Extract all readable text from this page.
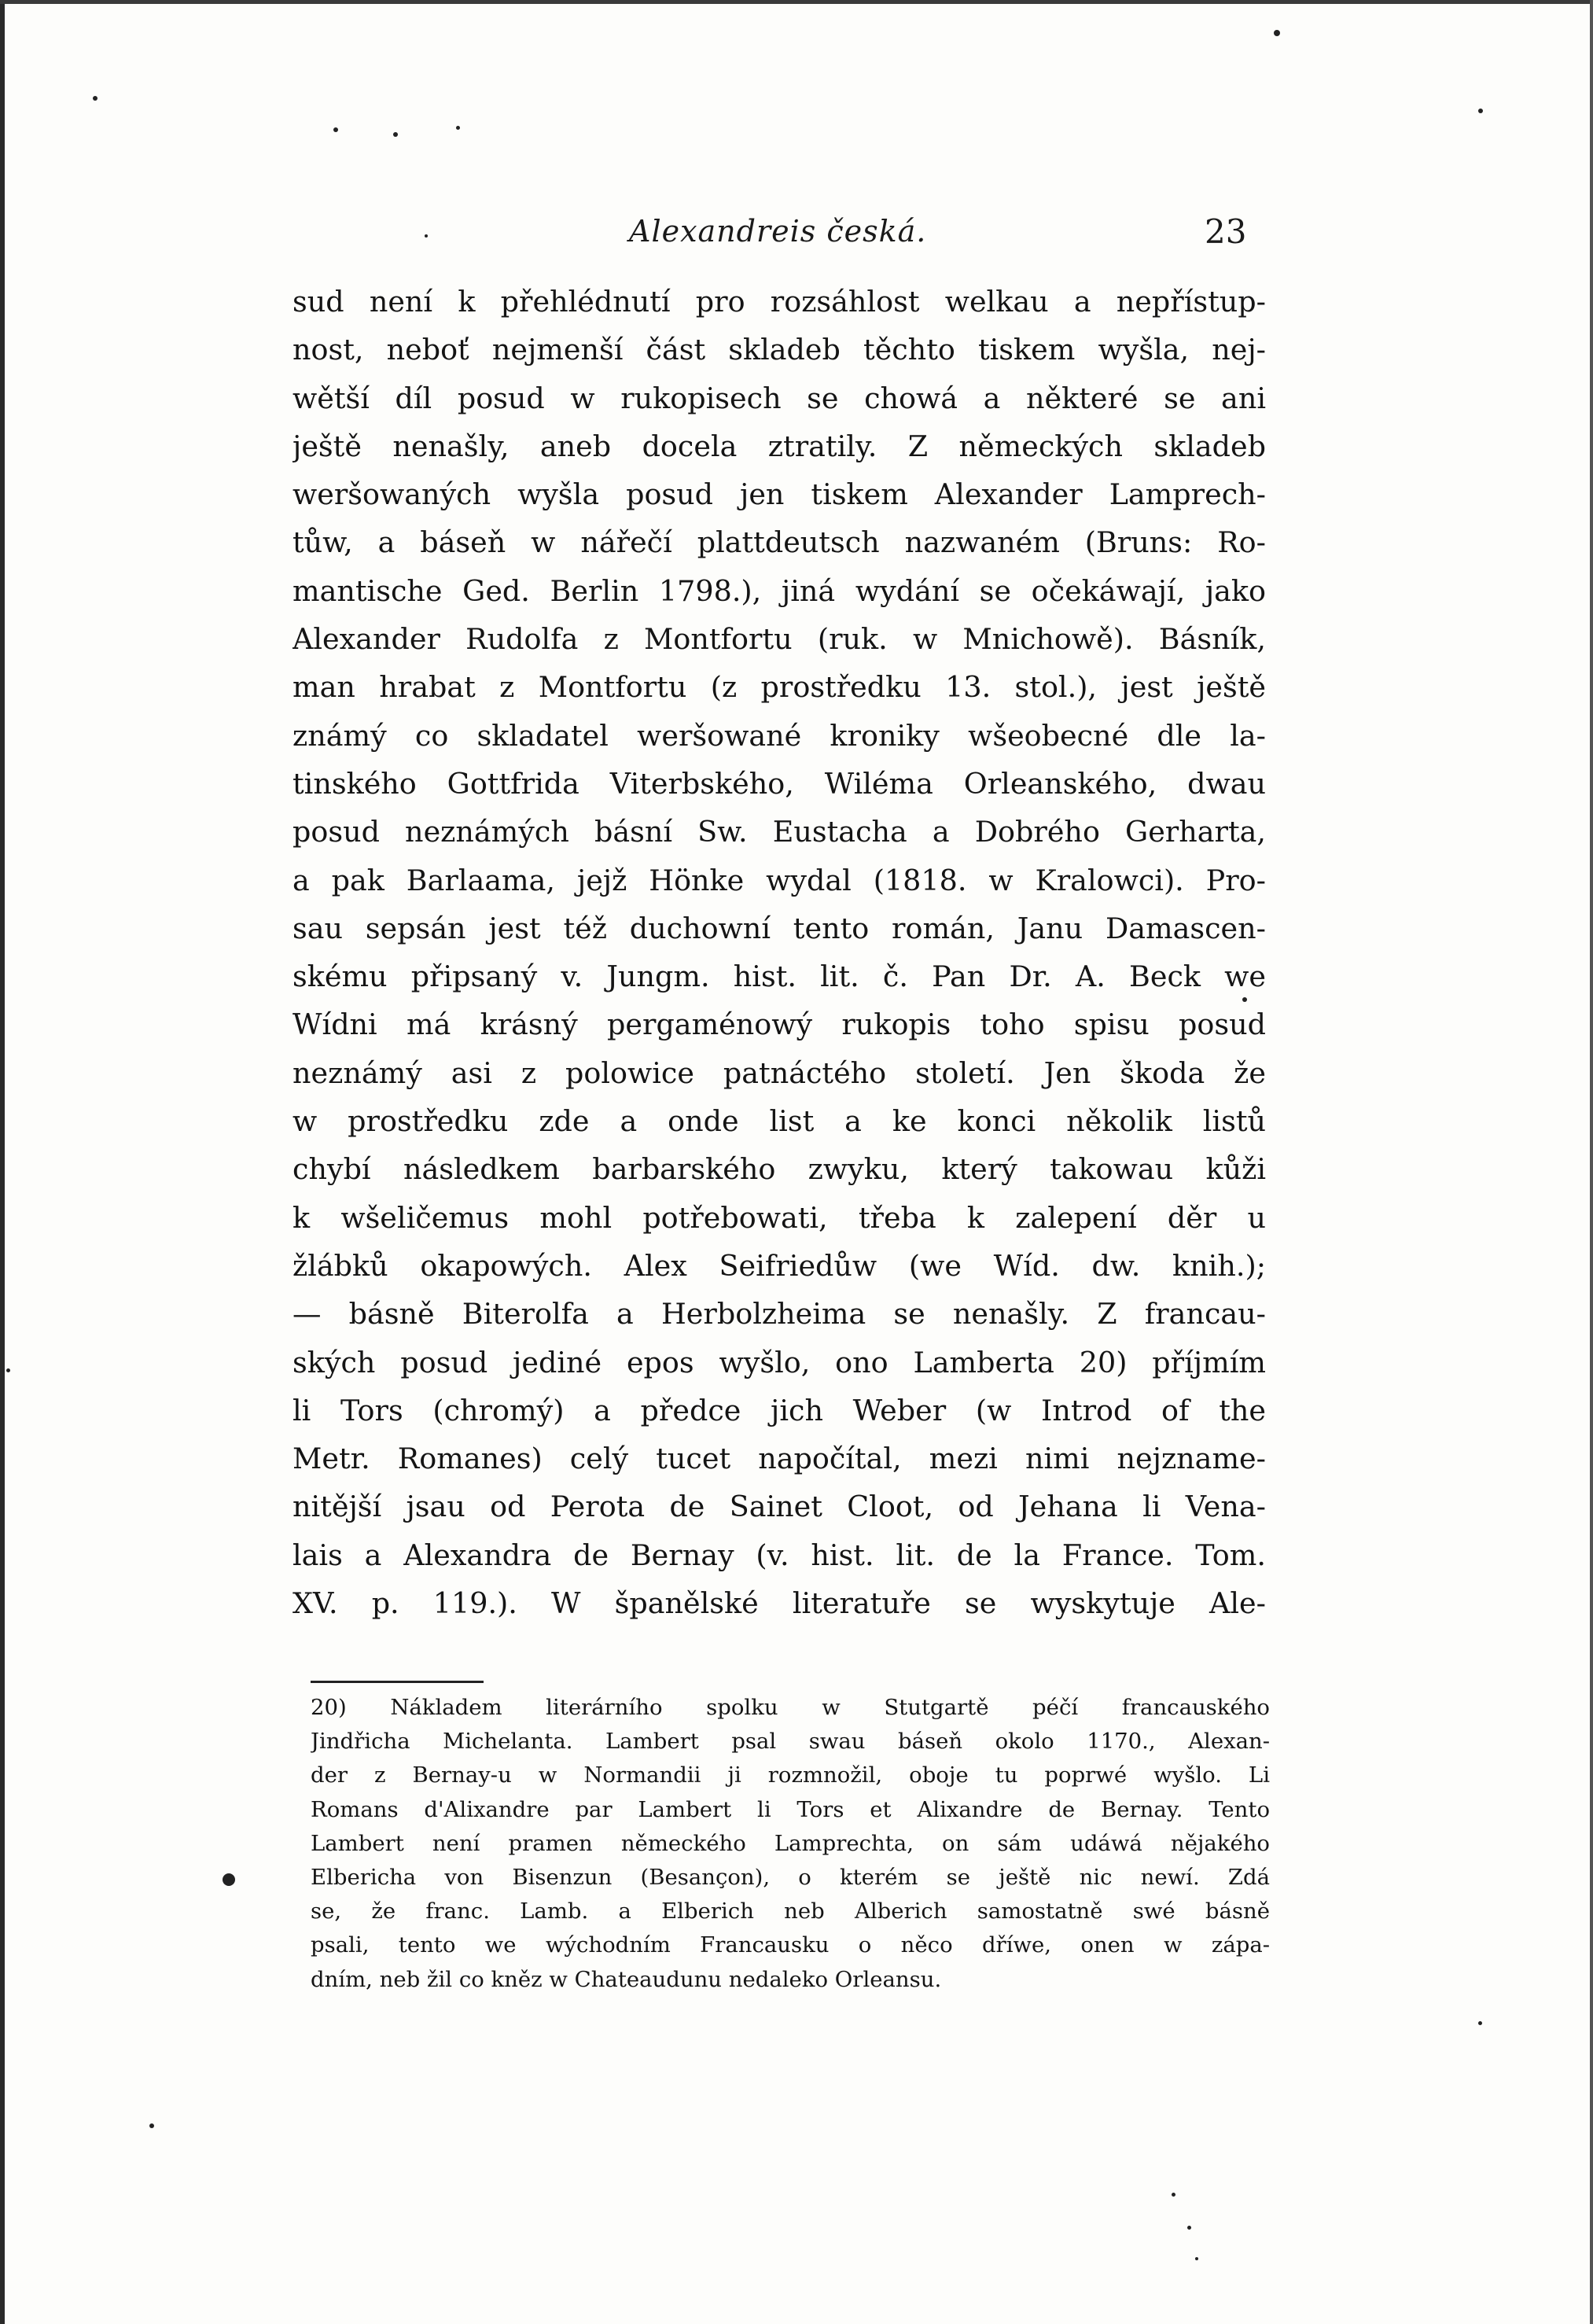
Alexandreis česká.	23
sud není k přehlédnutí pro rozsáhlost welkau a nepřístup-
nost, neboť nejmenší část skladeb těchto tiskem wyšla, nej-
wětší díl posud w rukopisech se chowá a některé se ani
ještě nenašly, aneb docela ztratily. Z německých skladeb
weršowaných wyšla posud jen tiskem Alexander Lamprech-
tůw, a báseň w nářečí plattdeutsch nazwaném (Bruns: Ro-
mantische Ged. Berlin 1798.), jiná wydání se očekáwají, jako
Alexander Rudolfa z Montfortu (ruk. w Mnichowě). Básník,
man hrabat z Montfortu (z prostředku 13. stol.), jest ještě
známý co skladatel weršowané kroniky wšeobecné dle la-
tinského Gottfrida Viterbského, Wiléma Orleanského, dwau
posud neznámých básní Sw. Eustacha a Dobrého Gerharta,
a pak Barlaama, jejž Hönke wydal (1818. w Kralowci). Pro-
sau sepsán jest též duchowní tento román, Janu Damascen-
skému připsaný v. Jungm. hist. lit. č. Pan Dr. A. Beck we
Wídni má krásný pergaménowý rukopis toho spisu posud
neznámý asi z polowice patnáctého století. Jen škoda že
w prostředku zde a onde list a ke konci několik listů
chybí následkem barbarského zwyku, který takowau kůži
k wšeličemus mohl potřebowati, třeba k zalepení děr u
žlábků okapowých. Alex Seifriedůw (we Wíd. dw. knih.);
— básně Biterolfa a Herbolzheima se nenašly. Z francau-
ských posud jediné epos wyšlo, ono Lamberta 20) příjmím
li Tors (chromý) a předce jich Weber (w Introd of the
Metr. Romanes) celý tucet napočítal, mezi nimi nejzname-
nitější jsau od Perota de Sainet Cloot, od Jehana li Vena-
lais a Alexandra de Bernay (v. hist. lit. de la France. Tom.
XV. p. 119.). W španělské literatuře se wyskytuje Ale-
20) Nákladem literárního spolku w Stutgartě péčí francauského
Jindřicha Michelanta. Lambert psal swau báseň okolo 1170., Alexan-
der z Bernay-u w Normandii ji rozmnožil, oboje tu poprwé wyšlo. Li
Romans d'Alixandre par Lambert li Tors et Alixandre de Bernay. Tento
Lambert není pramen německého Lamprechta, on sám udáwá nějakého
Elbericha von Bisenzun (Besançon), o kterém se ještě nic newí. Zdá
se, že franc. Lamb. a Elberich neb Alberich samostatně swé básně
psali, tento we wýchodním Francausku o něco dříwe, onen w zápa-
dním, neb žil co kněz w Chateaudunu nedaleko Orleansu.
